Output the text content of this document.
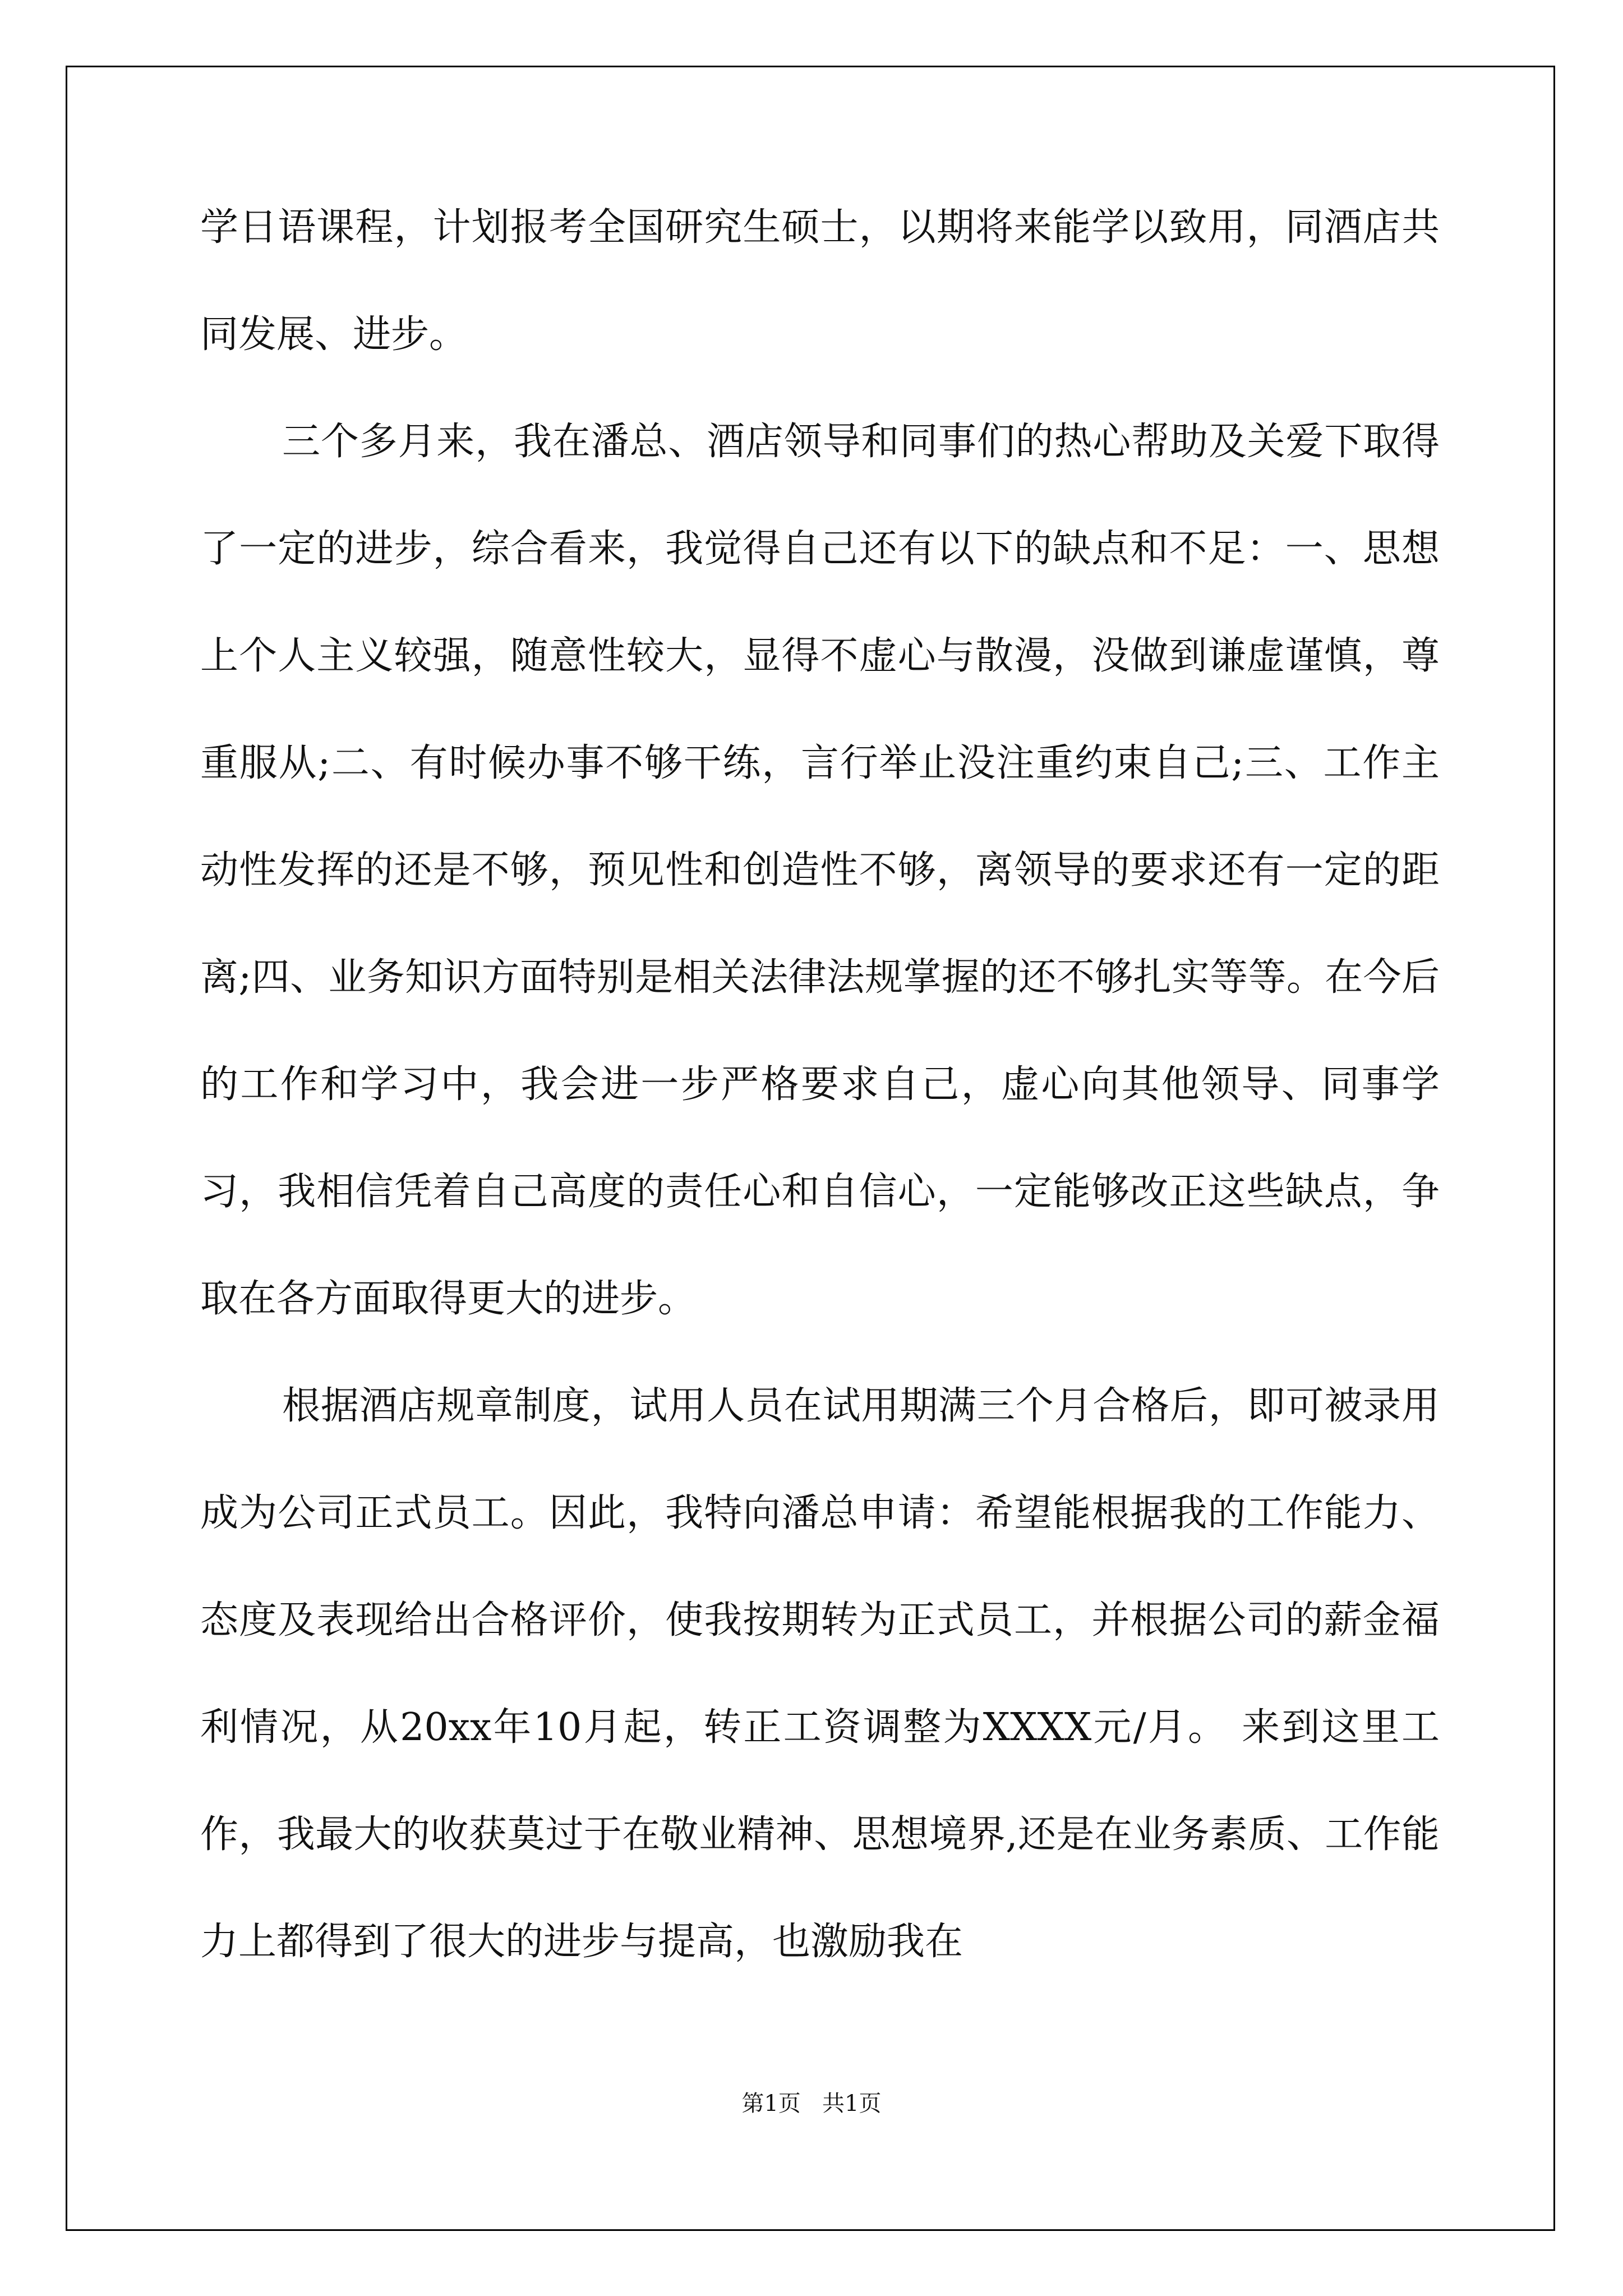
学日语课程，计划报考全国研究生硕士，以期将来能学以致用，同酒店共同发展、进步。

三个多月来，我在潘总、酒店领导和同事们的热心帮助及关爱下取得了一定的进步，综合看来，我觉得自己还有以下的缺点和不足：一、思想上个人主义较强，随意性较大，显得不虚心与散漫，没做到谦虚谨慎，尊重服从;二、有时候办事不够干练，言行举止没注重约束自己;三、工作主动性发挥的还是不够，预见性和创造性不够，离领导的要求还有一定的距离;四、业务知识方面特别是相关法律法规掌握的还不够扎实等等。在今后的工作和学习中，我会进一步严格要求自己，虚心向其他领导、同事学习，我相信凭着自己高度的责任心和自信心，一定能够改正这些缺点，争取在各方面取得更大的进步。

根据酒店规章制度，试用人员在试用期满三个月合格后，即可被录用成为公司正式员工。因此，我特向潘总申请：希望能根据我的工作能力、态度及表现给出合格评价，使我按期转为正式员工，并根据公司的薪金福利情况，从20xx年10月起，转正工资调整为XXXX元/月。 来到这里工作，我最大的收获莫过于在敬业精神、思想境界,还是在业务素质、工作能力上都得到了很大的进步与提高，也激励我在

第1页   共1页
